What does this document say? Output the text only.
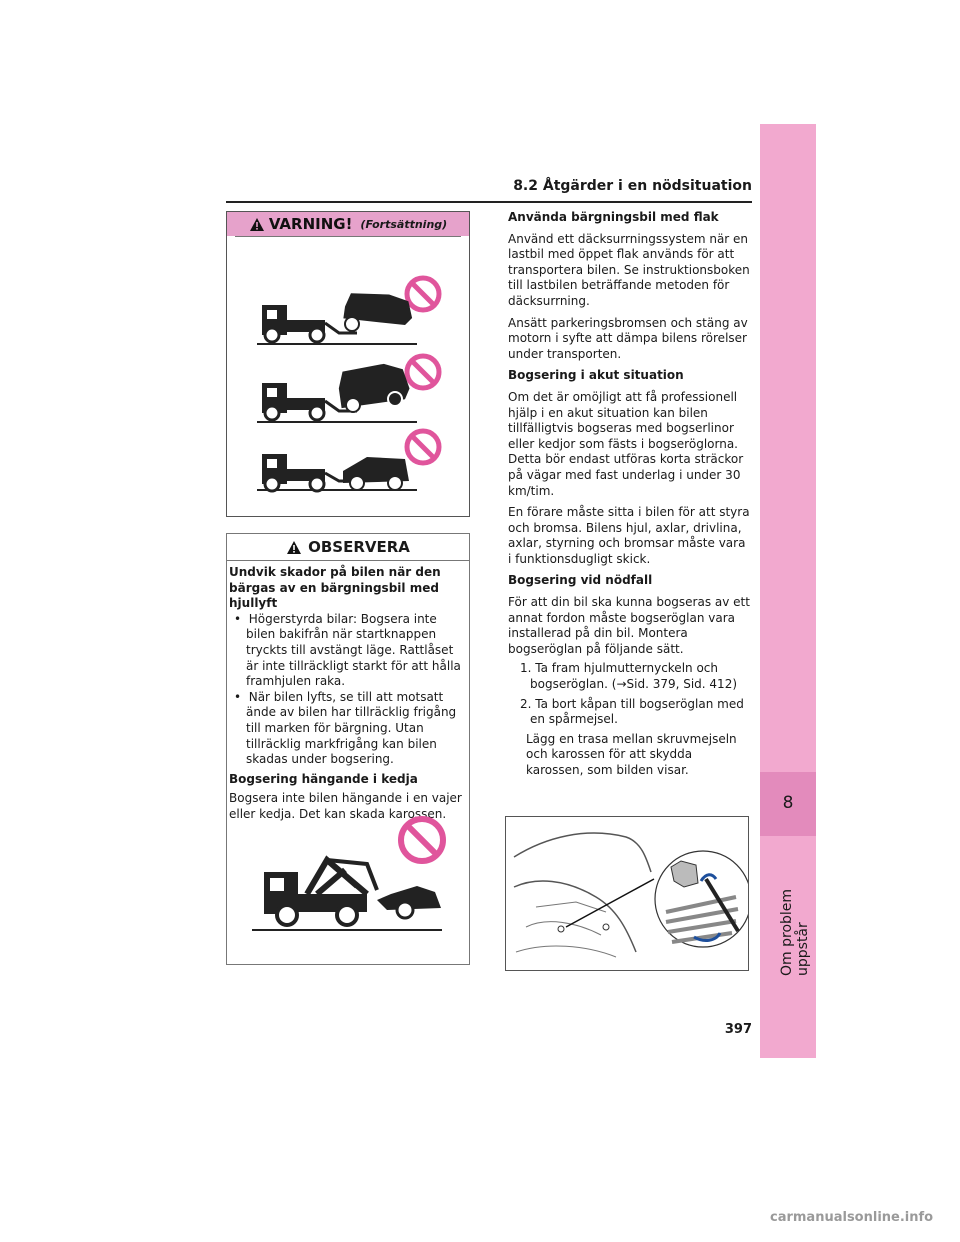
8
Om problem uppstår
8.2 Åtgärder i en nödsituation
VARNING! (Fortsättning)
OBSERVERA
Undvik skador på bilen när den bärgas av en bärgningsbil med hjullyft
•  Högerstyrda bilar: Bogsera inte bilen bakifrån när startknappen tryckts till avstängt läge. Rattlåset är inte tillräckligt starkt för att hålla framhjulen raka.
•  När bilen lyfts, se till att motsatt ände av bilen har tillräcklig frigång till marken för bärgning. Utan tillräcklig markfrigång kan bilen skadas under bogsering.
Bogsering hängande i kedja
Bogsera inte bilen hängande i en vajer eller kedja. Det kan skada karossen.
Använda bärgningsbil med flak
Använd ett däcksurrningssystem när en lastbil med öppet flak används för att transportera bilen. Se instruktionsboken till lastbilen beträffande metoden för däcksurrning.
Ansätt parkeringsbromsen och stäng av motorn i syfte att dämpa bilens rörelser under transporten.
Bogsering i akut situation
Om det är omöjligt att få professionell hjälp i en akut situation kan bilen tillfälligtvis bogseras med bogserlinor eller kedjor som fästs i bogseröglorna. Detta bör endast utföras korta sträckor på vägar med fast underlag i under 30 km/tim.
En förare måste sitta i bilen för att styra och bromsa. Bilens hjul, axlar, drivlina, axlar, styrning och bromsar måste vara i funktionsdugligt skick.
Bogsering vid nödfall
För att din bil ska kunna bogseras av ett annat fordon måste bogseröglan vara installerad på din bil. Montera bogseröglan på följande sätt.
1. Ta fram hjulmutternyckeln och bogseröglan. (→Sid. 379, Sid. 412)
2. Ta bort kåpan till bogseröglan med en spårmejsel.
Lägg en trasa mellan skruvmejseln och karossen för att skydda karossen, som bilden visar.
397
carmanualsonline.info
